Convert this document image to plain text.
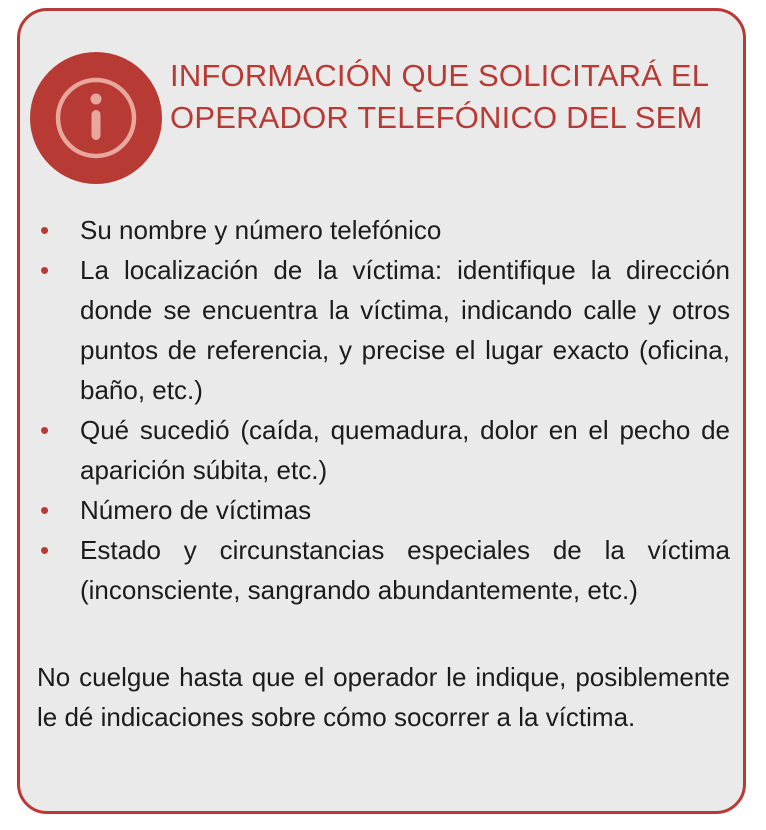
INFORMACIÓN QUE SOLICITARÁ EL OPERADOR TELEFÓNICO DEL SEM
• Su nombre y número telefónico
• La localización de la víctima: identifique la dirección donde se encuentra la víctima, indicando calle y otros puntos de referencia, y precise el lugar exacto (oficina, baño, etc.)
• Qué sucedió (caída, quemadura, dolor en el pecho de aparición súbita, etc.)
• Número de víctimas
• Estado y circunstancias especiales de la víctima (inconsciente, sangrando abundantemente, etc.)

No cuelgue hasta que el operador le indique, posiblemente le dé indicaciones sobre cómo socorrer a la víctima.
